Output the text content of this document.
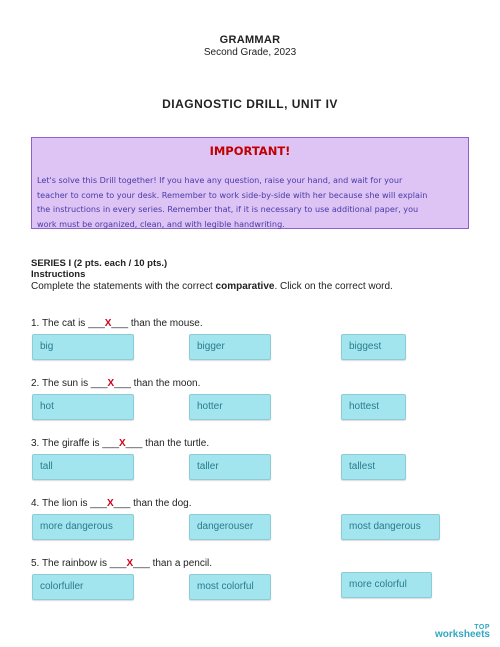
GRAMMAR
Second Grade, 2023
DIAGNOSTIC DRILL, UNIT IV
IMPORTANT!
Let's solve this Drill together! If you have any question, raise your hand, and wait for your
teacher to come to your desk. Remember to work side-by-side with her because she will explain
the instructions in every series. Remember that, if it is necessary to use additional paper, you
work must be organized, clean, and with legible handwriting.
SERIES I (2 pts. each / 10 pts.)
Instructions
Complete the statements with the correct comparative. Click on the correct word.
1. The cat is ___X___ than the mouse.
big	bigger	biggest
2. The sun is ___X___ than the moon.
hot	hotter	hottest
3. The giraffe is ___X___ than the turtle.
tall	taller	tallest
4. The lion is ___X___ than the dog.
more dangerous	dangerouser	most dangerous
5. The rainbow is ___X___ than a pencil.
colorfuller	most colorful	more colorful
TOP
worksheets
